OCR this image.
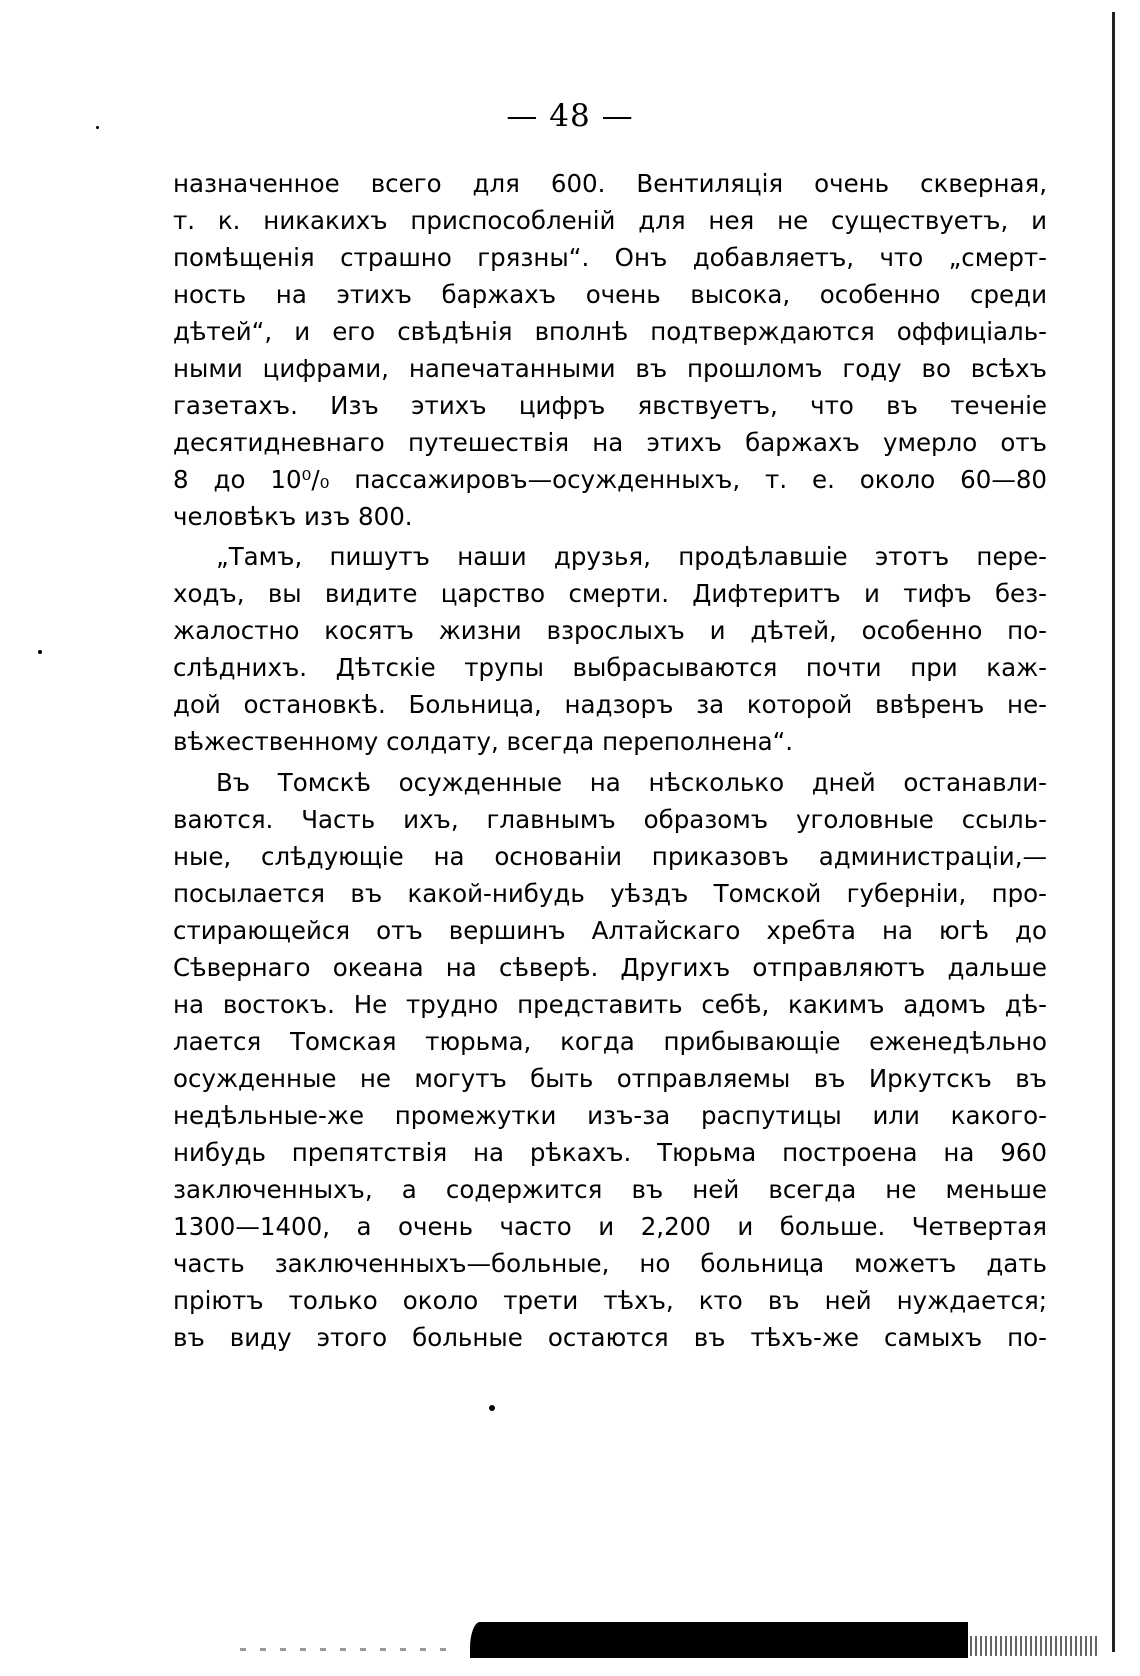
— 48 —
назначенное всего для 600. Вентиляція очень скверная,
т. к. никакихъ приспособленій для нея не существуетъ, и
помѣщенія страшно грязны“. Онъ добавляетъ, что „смерт-
ность на этихъ баржахъ очень высока, особенно среди
дѣтей“, и его свѣдѣнія вполнѣ подтверждаются оффиціаль-
ными цифрами, напечатанными въ прошломъ году во всѣхъ
газетахъ. Изъ этихъ цифръ явствуетъ, что въ теченіе
десятидневнаго путешествія на этихъ баржахъ умерло отъ
8 до 10⁰/₀ пассажировъ—осужденныхъ, т. е. около 60—80
человѣкъ изъ 800.
„Тамъ, пишутъ наши друзья, продѣлавшіе этотъ пере-
ходъ, вы видите царство смерти. Дифтеритъ и тифъ без-
жалостно косятъ жизни взрослыхъ и дѣтей, особенно по-
слѣднихъ. Дѣтскіе трупы выбрасываются почти при каж-
дой остановкѣ. Больница, надзоръ за которой ввѣренъ не-
вѣжественному солдату, всегда переполнена“.
Въ Томскѣ осужденные на нѣсколько дней останавли-
ваются. Часть ихъ, главнымъ образомъ уголовные ссыль-
ные, слѣдующіе на основаніи приказовъ администраціи,—
посылается въ какой-нибудь уѣздъ Томской губерніи, про-
стирающейся отъ вершинъ Алтайскаго хребта на югѣ до
Сѣвернаго океана на сѣверѣ. Другихъ отправляютъ дальше
на востокъ. Не трудно представить себѣ, какимъ адомъ дѣ-
лается Томская тюрьма, когда прибывающіе еженедѣльно
осужденные не могутъ быть отправляемы въ Иркутскъ въ
недѣльные-же промежутки изъ-за распутицы или какого-
нибудь препятствія на рѣкахъ. Тюрьма построена на 960
заключенныхъ, а содержится въ ней всегда не меньше
1300—1400, а очень часто и 2,200 и больше. Четвертая
часть заключенныхъ—больные, но больница можетъ дать
пріютъ только около трети тѣхъ, кто въ ней нуждается;
въ виду этого больные остаются въ тѣхъ-же самыхъ по-
